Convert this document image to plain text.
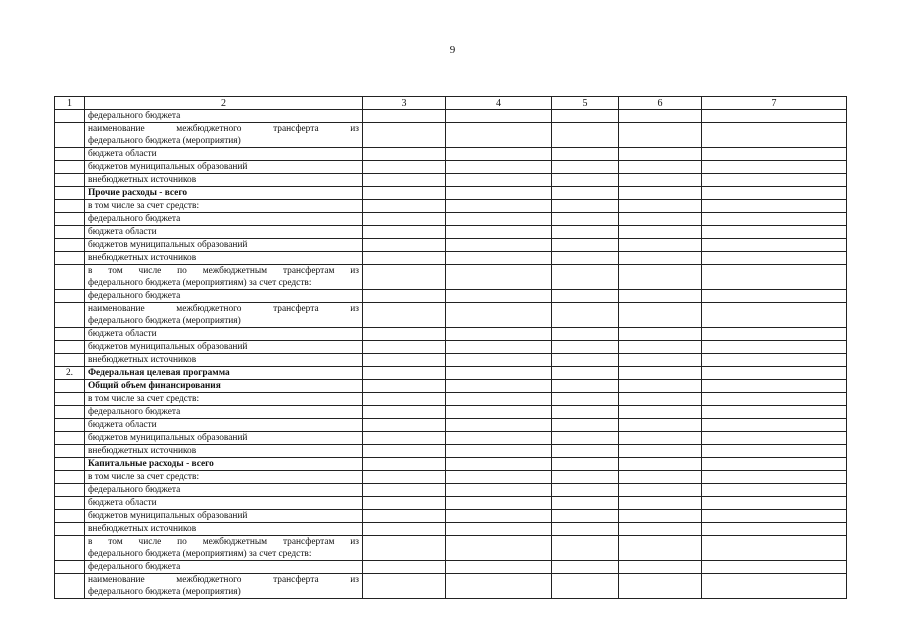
9
1	2	3	4	5	6	7
	федерального бюджета					

	наименование межбюджетного трансферта из
федерального бюджета (мероприятия)					

	бюджета области					
	бюджетов муниципальных образований					
	внебюджетных источников					
	Прочие расходы - всего					
	в том числе за счет средств:					
	федерального бюджета					
	бюджета области					
	бюджетов муниципальных образований					
	внебюджетных источников					

	в том числе по межбюджетным трансфертам из
федерального бюджета (мероприятиям) за счет средств:					

	федерального бюджета					

	наименование межбюджетного трансферта из
федерального бюджета (мероприятия)					

	бюджета области					
	бюджетов муниципальных образований					
	внебюджетных источников					
2.	Федеральная целевая программа					
	Общий объем финансирования					
	в том числе за счет средств:					
	федерального бюджета					
	бюджета области					
	бюджетов муниципальных образований					
	внебюджетных источников					
	Капитальные расходы - всего					
	в том числе за счет средств:					
	федерального бюджета					
	бюджета области					
	бюджетов муниципальных образований					
	внебюджетных источников					

	в том числе по межбюджетным трансфертам из
федерального бюджета (мероприятиям) за счет средств:					

	федерального бюджета					

	наименование межбюджетного трансферта из
федерального бюджета (мероприятия)					
